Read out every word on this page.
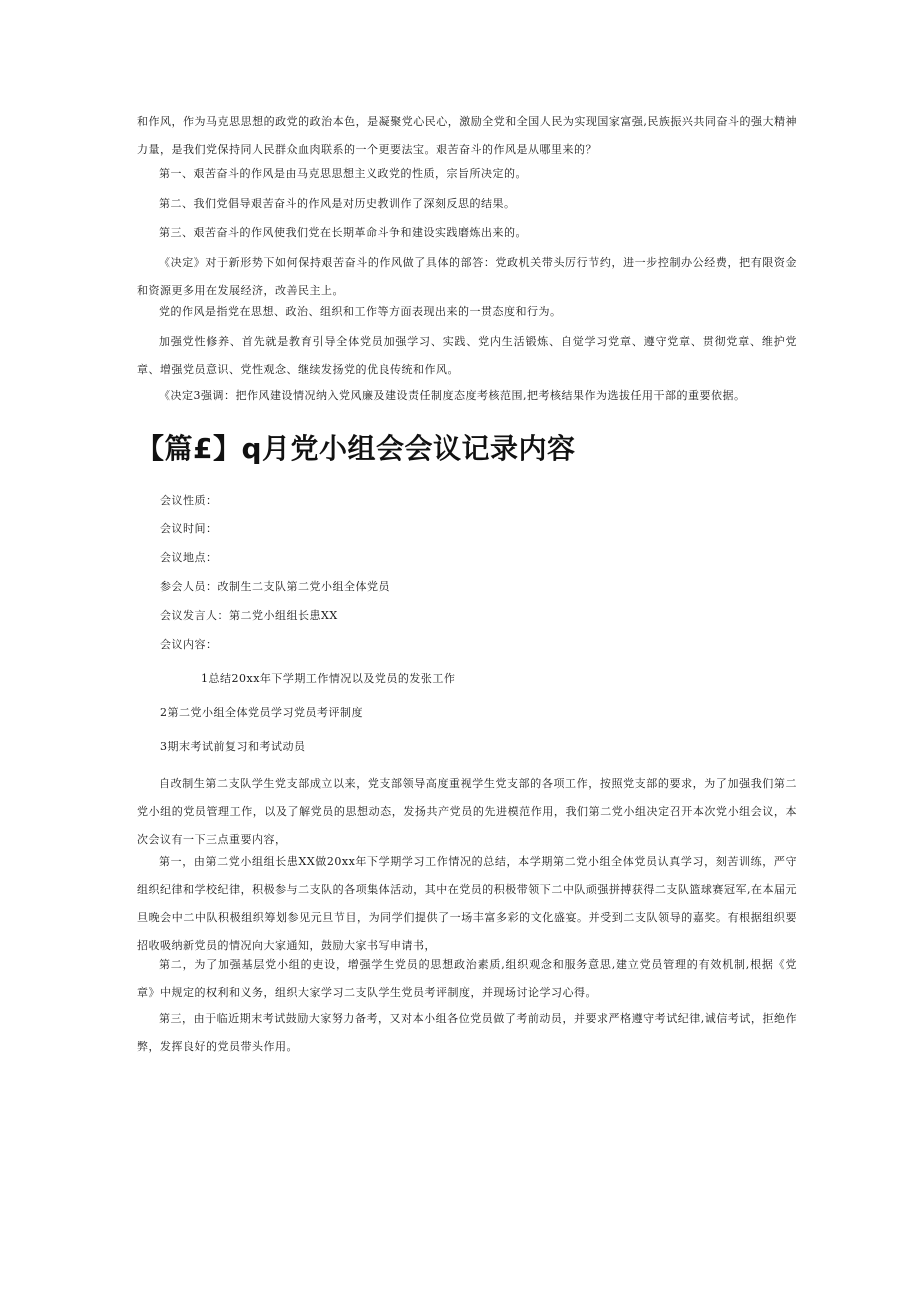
和作风，作为马克思思想的政党的政治本色，是凝聚党心民心，激励全党和全国人民为实现国家富强,民族振兴共同奋斗的强大精神力量，是我们党保持同人民群众血肉联系的一个更要法宝。艰苦奋斗的作风是从哪里来的？

第一、艰苦奋斗的作风是由马克思思想主义政党的性质，宗旨所决定的。

第二、我们党倡导艰苦奋斗的作风是对历史教训作了深刻反思的结果。

第三、艰苦奋斗的作风使我们党在长期革命斗争和建设实践磨炼出来的。

《决定》对于新形势下如何保持艰苦奋斗的作风做了具体的部答：党政机关带头厉行节约，进一步控制办公经费，把有限资金和资源更多用在发展经济，改善民主上。

党的作风是指党在思想、政治、组织和工作等方面表现出来的一贯态度和行为。

加强党性修养、首先就是教育引导全体党员加强学习、实践、党内生活锻炼、自觉学习党章、遵守党章、贯彻党章、维护党章、增强党员意识、党性观念、继续发扬党的优良传统和作风。

《决定3强调：把作风建设情况纳入党风廉及建设责任制度态度考核范围,把考核结果作为选拔任用干部的重要依据。

【篇£】q月党小组会会议记录内容

会议性质：

会议时间：

会议地点：

参会人员：改制生二支队第二党小组全体党员

会议发言人：第二党小组组长患XX

会议内容：

1总结20xx年下学期工作情况以及党员的发张工作

2第二党小组全体党员学习党员考评制度

3期末考试前复习和考试动员

自改制生第二支队学生党支部成立以来，党支部领导高度重视学生党支部的各项工作，按照党支部的要求，为了加强我们第二党小组的党员管理工作，以及了解党员的思想动态，发扬共产党员的先进模范作用，我们第二党小组决定召开本次党小组会议，本次会议有一下三点重要内容，

第一，由第二党小组组长患XX做20xx年下学期学习工作情况的总结，本学期第二党小组全体党员认真学习，刻苦训练，严守组织纪律和学校纪律，积极参与二支队的各项集体活动，其中在党员的积极带领下二中队顽强拼搏获得二支队篮球赛冠军,在本届元旦晚会中二中队积极组织筹划参见元旦节目，为同学们提供了一场丰富多彩的文化盛宴。并受到二支队领导的嘉奖。有根据组织要招收吸纳新党员的情况向大家通知，鼓励大家书写申请书，

第二，为了加强基层党小组的吏设，增强学生党员的思想政治素质,组织观念和服务意思,建立党员管理的有效机制,根据《党章》中规定的权利和义务，组织大家学习二支队学生党员考评制度，并现场讨论学习心得。

第三，由于临近期末考试鼓励大家努力备考，又对本小组各位党员做了考前动员，并要求严格遵守考试纪律,诚信考试，拒绝作弊，发挥良好的党员带头作用。
